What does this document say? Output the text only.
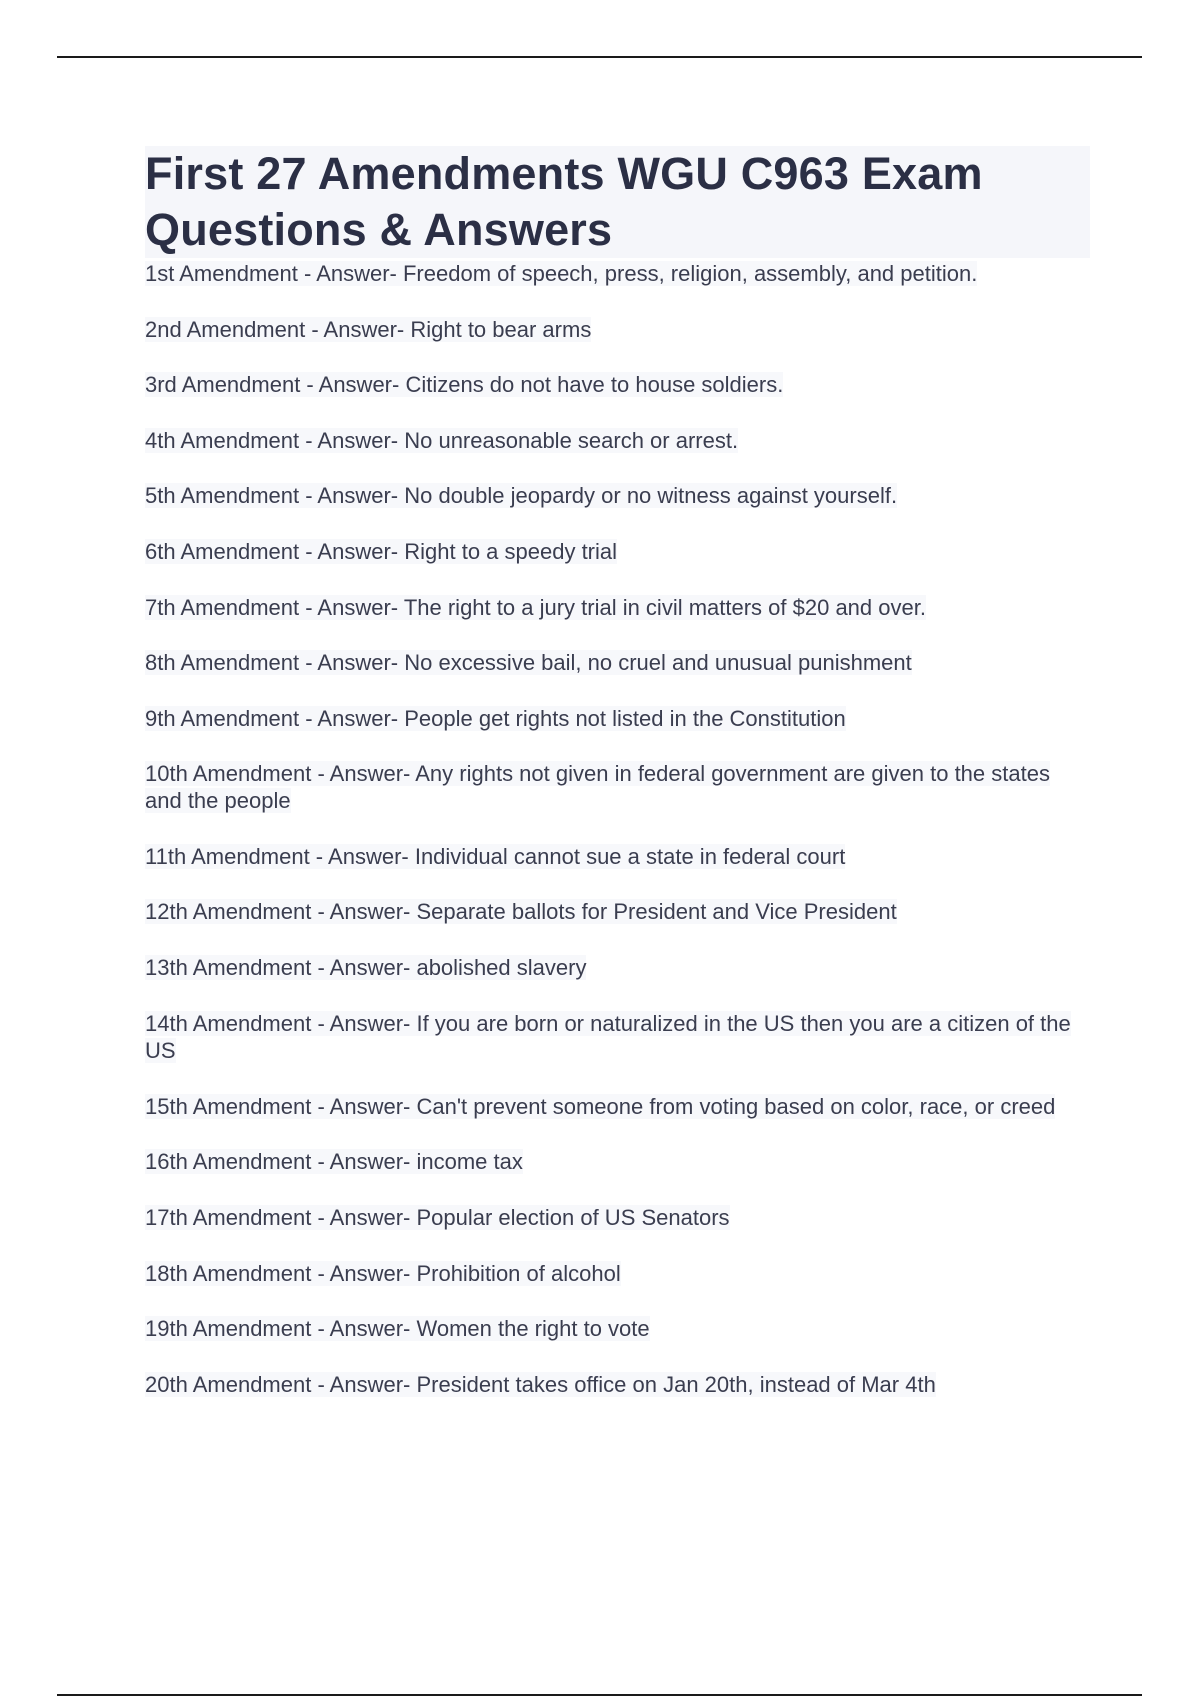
First 27 Amendments WGU C963 Exam
Questions & Answers
1st Amendment - Answer- Freedom of speech, press, religion, assembly, and petition.
2nd Amendment - Answer- Right to bear arms
3rd Amendment - Answer- Citizens do not have to house soldiers.
4th Amendment - Answer- No unreasonable search or arrest.
5th Amendment - Answer- No double jeopardy or no witness against yourself.
6th Amendment - Answer- Right to a speedy trial
7th Amendment - Answer- The right to a jury trial in civil matters of $20 and over.
8th Amendment - Answer- No excessive bail, no cruel and unusual punishment
9th Amendment - Answer- People get rights not listed in the Constitution
10th Amendment - Answer- Any rights not given in federal government are given to the states and the people
11th Amendment - Answer- Individual cannot sue a state in federal court
12th Amendment - Answer- Separate ballots for President and Vice President
13th Amendment - Answer- abolished slavery
14th Amendment - Answer- If you are born or naturalized in the US then you are a citizen of the US
15th Amendment - Answer- Can't prevent someone from voting based on color, race, or creed
16th Amendment - Answer- income tax
17th Amendment - Answer- Popular election of US Senators
18th Amendment - Answer- Prohibition of alcohol
19th Amendment - Answer- Women the right to vote
20th Amendment - Answer- President takes office on Jan 20th, instead of Mar 4th
